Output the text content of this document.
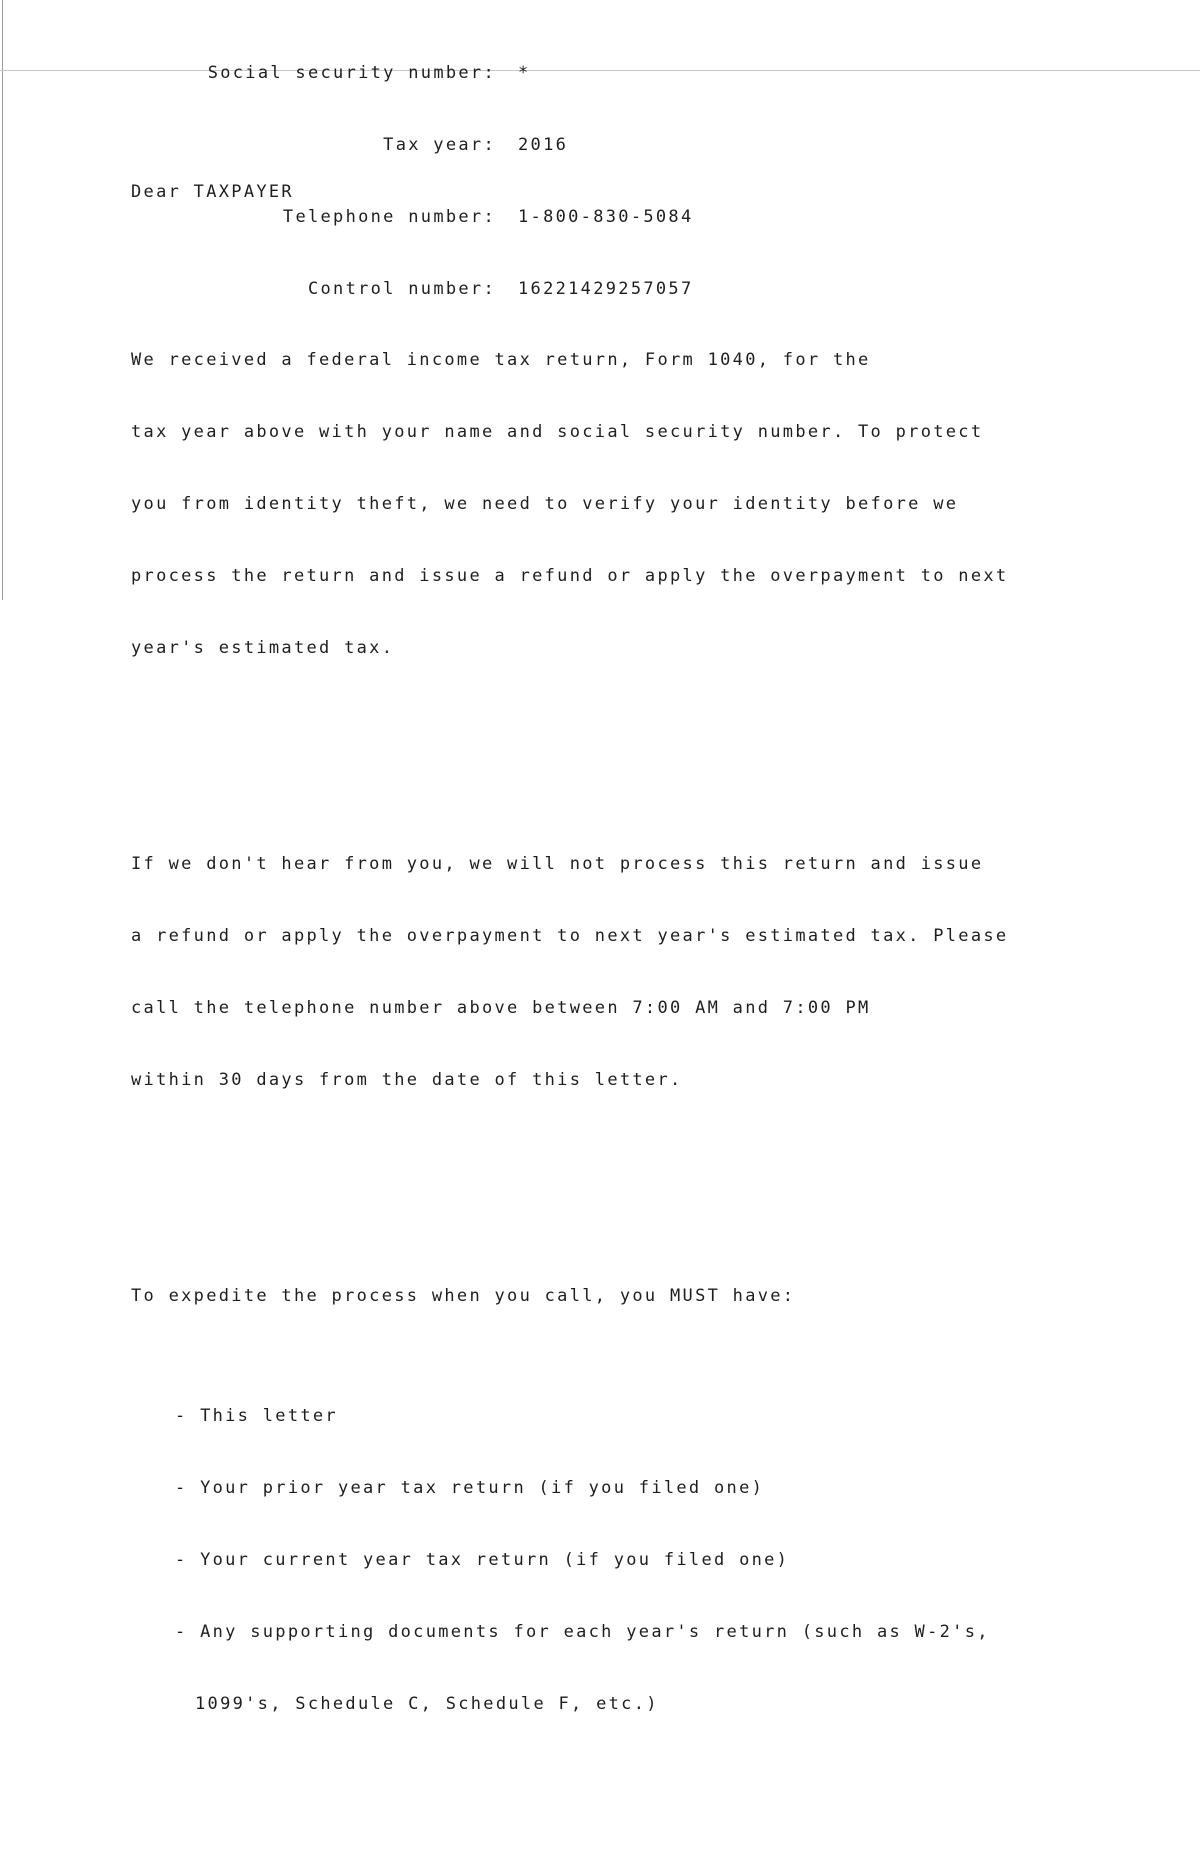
Social security number: *

Tax year: 2016

Telephone number: 1-800-830-5084

Control number: 16221429257057

Dear TAXPAYER

We received a federal income tax return, Form 1040, for the

tax year above with your name and social security number. To protect

you from identity theft, we need to verify your identity before we

process the return and issue a refund or apply the overpayment to next

year's estimated tax.

If we don't hear from you, we will not process this return and issue

a refund or apply the overpayment to next year's estimated tax. Please

call the telephone number above between 7:00 AM and 7:00 PM

within 30 days from the date of this letter.

To expedite the process when you call, you MUST have:

- This letter

- Your prior year tax return (if you filed one)

- Your current year tax return (if you filed one)

- Any supporting documents for each year's return (such as W-2's,

1099's, Schedule C, Schedule F, etc.)
